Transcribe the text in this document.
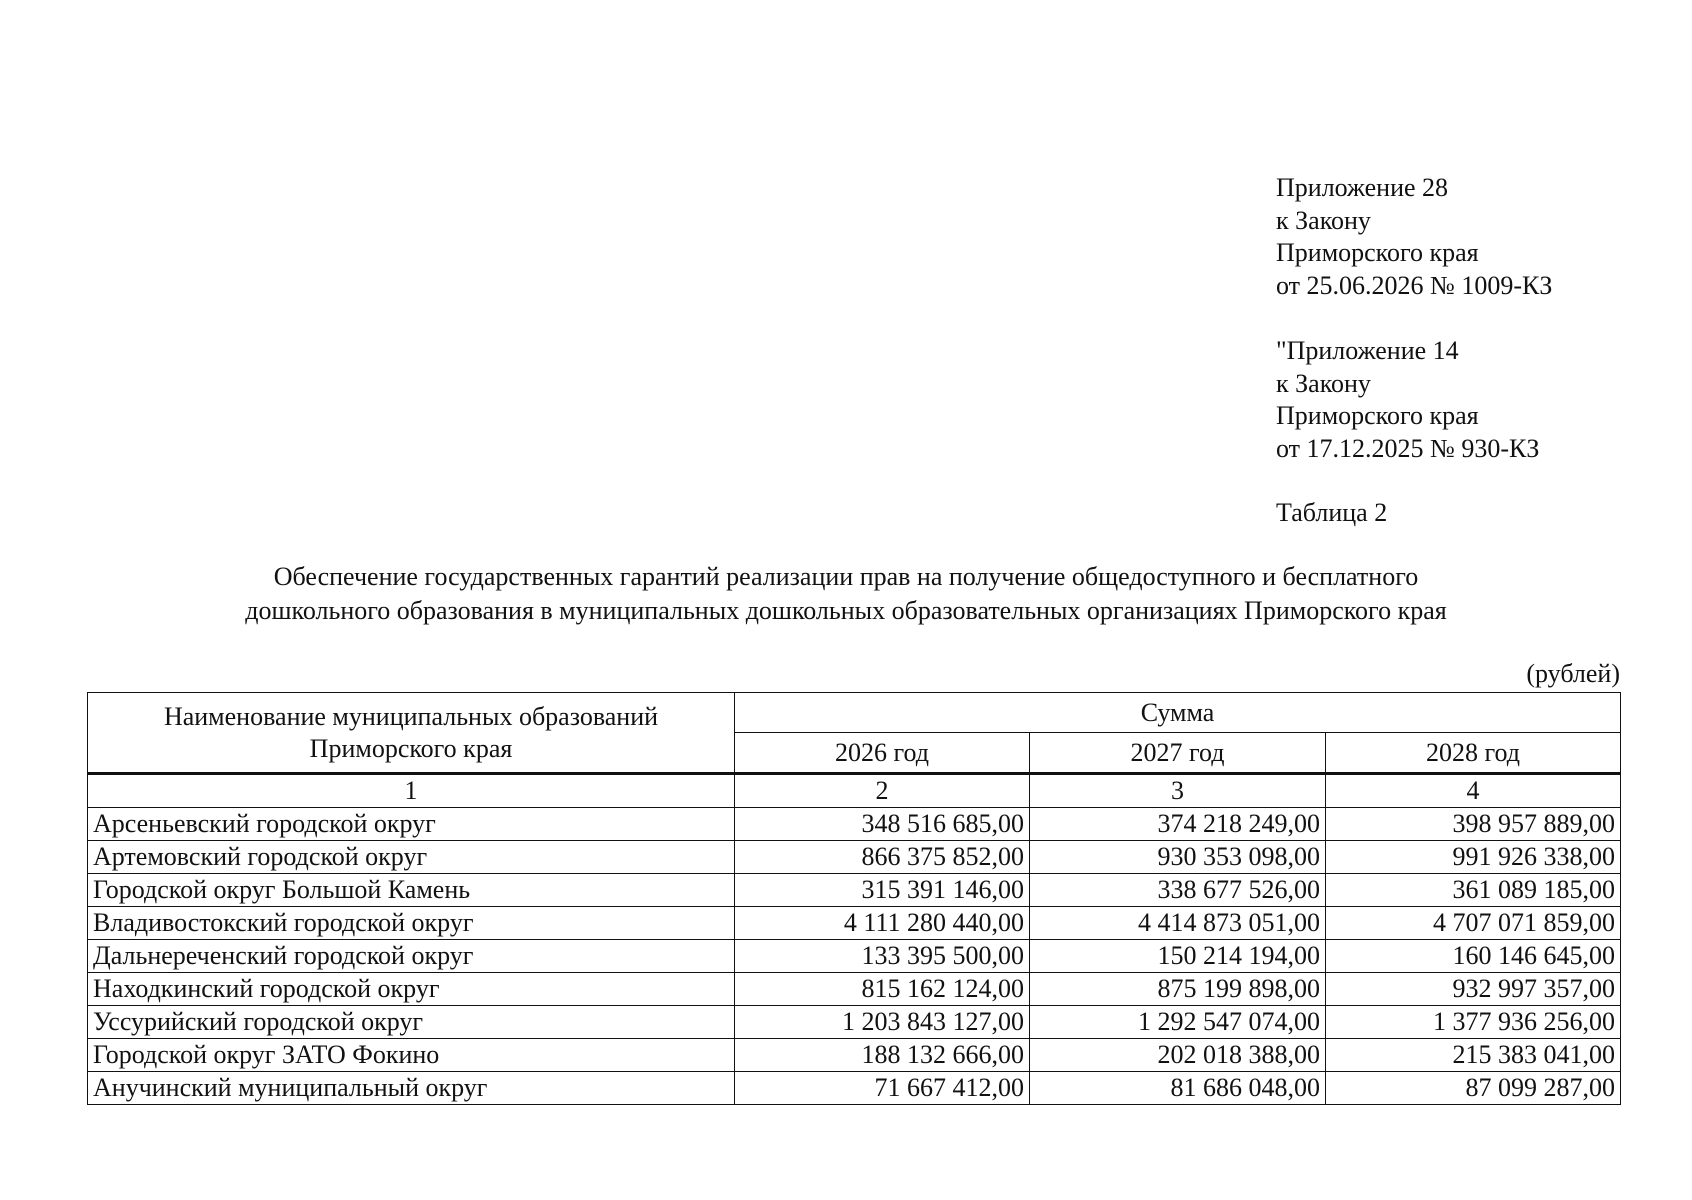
Приложение 28
к Закону
Приморского края
от 25.06.2026 № 1009-КЗ
"Приложение 14
к Закону
Приморского края
от 17.12.2025 № 930-КЗ
Таблица 2
Обеспечение государственных гарантий реализации прав на получение общедоступного и бесплатного
дошкольного образования в муниципальных дошкольных образовательных организациях Приморского края
(рублей)
Наименование муниципальных образований
Приморского края	Сумма		
	2026 год	2027 год	2028 год
1	2	3	4
Арсеньевский городской округ	348 516 685,00	374 218 249,00	398 957 889,00
Артемовский городской округ	866 375 852,00	930 353 098,00	991 926 338,00
Городской округ Большой Камень	315 391 146,00	338 677 526,00	361 089 185,00
Владивостокский городской округ	4 111 280 440,00	4 414 873 051,00	4 707 071 859,00
Дальнереченский городской округ	133 395 500,00	150 214 194,00	160 146 645,00
Находкинский городской округ	815 162 124,00	875 199 898,00	932 997 357,00
Уссурийский городской округ	1 203 843 127,00	1 292 547 074,00	1 377 936 256,00
Городской округ ЗАТО Фокино	188 132 666,00	202 018 388,00	215 383 041,00
Анучинский муниципальный округ	71 667 412,00	81 686 048,00	87 099 287,00
